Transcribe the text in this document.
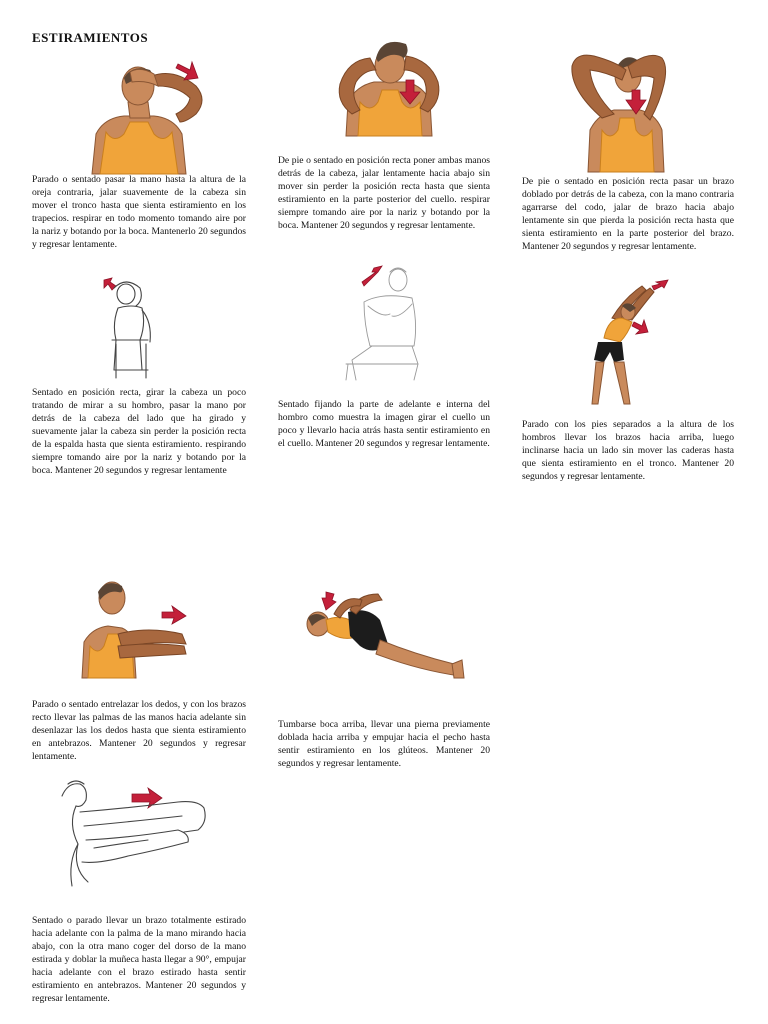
ESTIRAMIENTOS

Parado o sentado pasar la mano hasta la altura de la oreja contraria, jalar suavemente de la cabeza sin mover el tronco hasta que sienta estiramiento en los trapecios. respirar en todo momento tomando aire por la nariz y botando por la boca. Mantenerlo 20 segundos y regresar lentamente.

De pie o sentado en posición recta poner ambas manos detrás de la cabeza, jalar lentamente hacia abajo sin mover sin perder la posición recta hasta que sienta estiramiento en la parte posterior del cuello. respirar siempre tomando aire por la nariz y botando por la boca. Mantener 20 segundos y regresar lentamente.

De pie o sentado en posición recta pasar un brazo doblado por detrás de la cabeza, con la mano contraria agarrarse del codo, jalar de brazo hacia abajo lentamente sin que pierda la posición recta hasta que sienta estiramiento en la parte posterior del brazo. Mantener 20 segundos y regresar lentamente.

Sentado en posición recta, girar la cabeza un poco tratando de mirar a su hombro, pasar la mano por detrás de la cabeza del lado que ha girado y suevamente jalar la cabeza sin perder la posición recta de la espalda hasta que sienta estiramiento. respirando siempre tomando aire por la nariz y botando por la boca. Mantener 20 segundos y regresar lentamente

Sentado fijando la parte de adelante e interna del hombro como muestra la imagen girar el cuello un poco y llevarlo hacia atrás hasta sentir estiramiento en el cuello. Mantener 20 segundos y regresar lentamente.

Parado con los pies separados a la altura de los hombros llevar los brazos hacia arriba, luego inclinarse hacia un lado sin mover las caderas hasta que sienta estiramiento en el tronco. Mantener 20 segundos y regresar lentamente.

Parado o sentado entrelazar los dedos, y con los brazos recto llevar las palmas de las manos hacia adelante sin desenlazar las los dedos hasta que sienta estiramiento en antebrazos. Mantener 20 segundos y regresar lentamente.

Tumbarse boca arriba, llevar una pierna previamente doblada hacia arriba y empujar hacia el pecho hasta sentir estiramiento en los glúteos. Mantener 20 segundos y regresar lentamente.

Sentado o parado llevar un brazo totalmente estirado hacia adelante con la palma de la mano mirando hacia abajo, con la otra mano coger del dorso de la mano estirada y doblar la muñeca hasta llegar a 90°, empujar hacia adelante con el brazo estirado hasta sentir estiramiento en antebrazos. Mantener 20 segundos y regresar lentamente.
